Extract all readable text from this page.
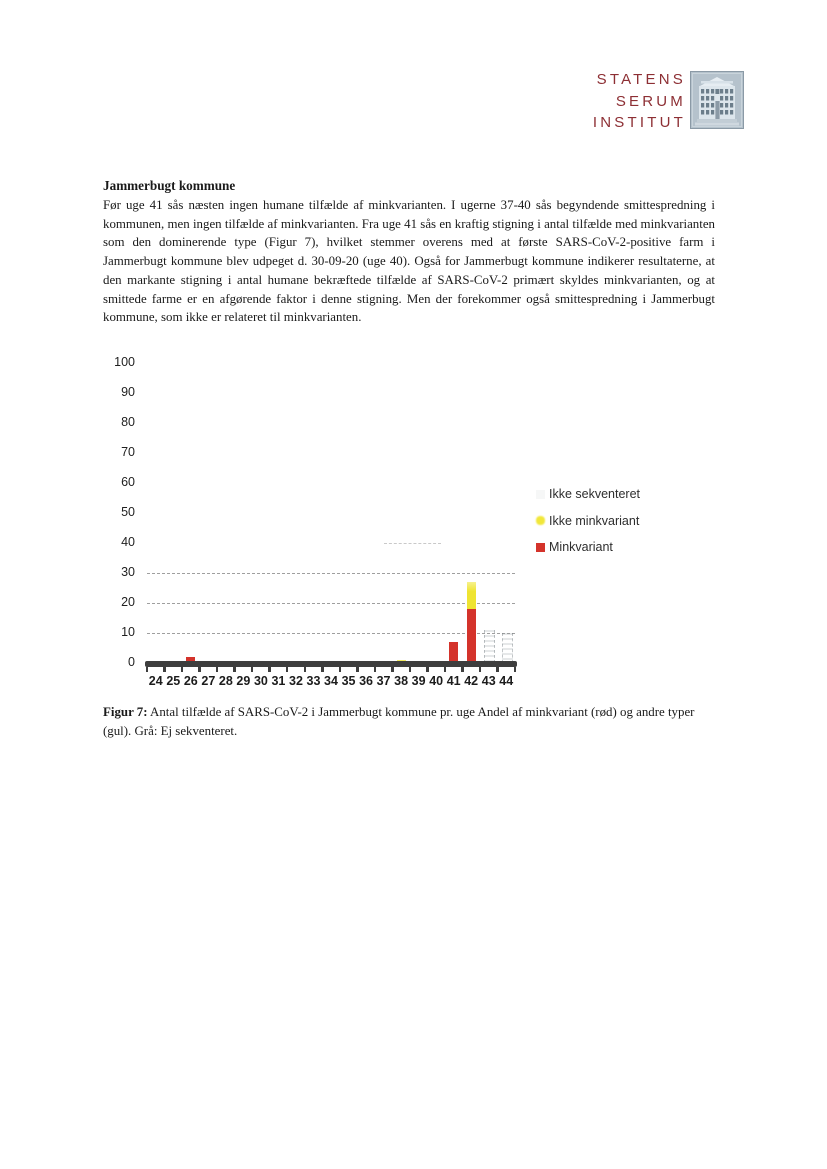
STATENS
SERUM
INSTITUT
Jammerbugt kommune

Før uge 41 sås næsten ingen humane tilfælde af minkvarianten. I ugerne 37-40 sås begyndende smittespredning i kommunen, men ingen tilfælde af minkvarianten. Fra uge 41 sås en kraftig stigning i antal tilfælde med minkvarianten som den dominerende type (Figur 7), hvilket stemmer overens med at første SARS-CoV-2-positive farm i Jammerbugt kommune blev udpeget d. 30-09-20 (uge 40). Også for Jammerbugt kommune indikerer resultaterne, at den markante stigning i antal humane bekræftede tilfælde af SARS-CoV-2 primært skyldes minkvarianten, og at smittede farme er en afgørende faktor i denne stigning. Men der forekommer også smittespredning i Jammerbugt kommune, som ikke er relateret til minkvarianten.

0
10
20
30
40
50
60
70
80
90
100
24 25 26 27 28 29 30 31 32 33 34 35 36 37 38 39 40 41 42 43 44
Ikke sekventeret
Ikke minkvariant
Minkvariant

Figur 7: Antal tilfælde af SARS-CoV-2 i Jammerbugt kommune pr. uge Andel af minkvariant (rød) og andre typer (gul). Grå: Ej sekventeret.
